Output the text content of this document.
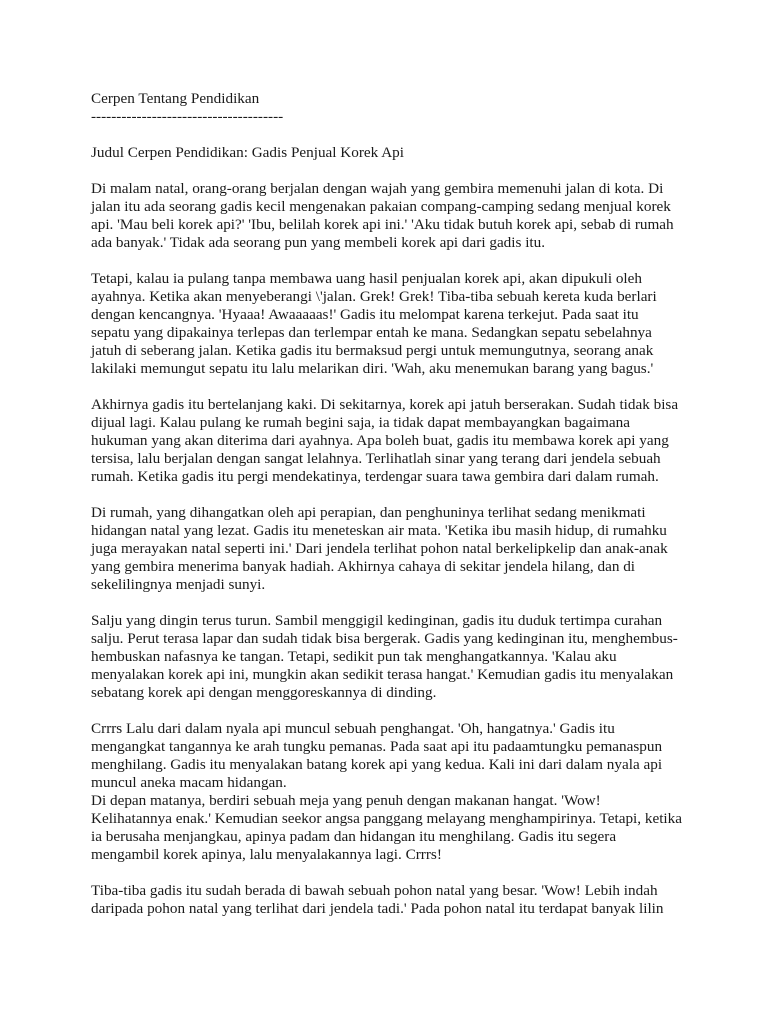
Cerpen Tentang Pendidikan
--------------------------------------
Judul Cerpen Pendidikan: Gadis Penjual Korek Api
Di malam natal, orang-orang berjalan dengan wajah yang gembira memenuhi jalan di kota. Di
jalan itu ada seorang gadis kecil mengenakan pakaian compang-camping sedang menjual korek
api. 'Mau beli korek api?' 'Ibu, belilah korek api ini.' 'Aku tidak butuh korek api, sebab di rumah
ada banyak.' Tidak ada seorang pun yang membeli korek api dari gadis itu.
Tetapi, kalau ia pulang tanpa membawa uang hasil penjualan korek api, akan dipukuli oleh
ayahnya. Ketika akan menyeberangi \'jalan. Grek! Grek! Tiba-tiba sebuah kereta kuda berlari
dengan kencangnya. 'Hyaaa! Awaaaaas!' Gadis itu melompat karena terkejut. Pada saat itu
sepatu yang dipakainya terlepas dan terlempar entah ke mana. Sedangkan sepatu sebelahnya
jatuh di seberang jalan. Ketika gadis itu bermaksud pergi untuk memungutnya, seorang anak
lakilaki memungut sepatu itu lalu melarikan diri. 'Wah, aku menemukan barang yang bagus.'
Akhirnya gadis itu bertelanjang kaki. Di sekitarnya, korek api jatuh berserakan. Sudah tidak bisa
dijual lagi. Kalau pulang ke rumah begini saja, ia tidak dapat membayangkan bagaimana
hukuman yang akan diterima dari ayahnya. Apa boleh buat, gadis itu membawa korek api yang
tersisa, lalu berjalan dengan sangat lelahnya. Terlihatlah sinar yang terang dari jendela sebuah
rumah. Ketika gadis itu pergi mendekatinya, terdengar suara tawa gembira dari dalam rumah.
Di rumah, yang dihangatkan oleh api perapian, dan penghuninya terlihat sedang menikmati
hidangan natal yang lezat. Gadis itu meneteskan air mata. 'Ketika ibu masih hidup, di rumahku
juga merayakan natal seperti ini.' Dari jendela terlihat pohon natal berkelipkelip dan anak-anak
yang gembira menerima banyak hadiah. Akhirnya cahaya di sekitar jendela hilang, dan di
sekelilingnya menjadi sunyi.
Salju yang dingin terus turun. Sambil menggigil kedinginan, gadis itu duduk tertimpa curahan
salju. Perut terasa lapar dan sudah tidak bisa bergerak. Gadis yang kedinginan itu, menghembus-
hembuskan nafasnya ke tangan. Tetapi, sedikit pun tak menghangatkannya. 'Kalau aku
menyalakan korek api ini, mungkin akan sedikit terasa hangat.' Kemudian gadis itu menyalakan
sebatang korek api dengan menggoreskannya di dinding.
Crrrs Lalu dari dalam nyala api muncul sebuah penghangat. 'Oh, hangatnya.' Gadis itu
mengangkat tangannya ke arah tungku pemanas. Pada saat api itu padaamtungku pemanaspun
menghilang. Gadis itu menyalakan batang korek api yang kedua. Kali ini dari dalam nyala api
muncul aneka macam hidangan.
Di depan matanya, berdiri sebuah meja yang penuh dengan makanan hangat. 'Wow!
Kelihatannya enak.' Kemudian seekor angsa panggang melayang menghampirinya. Tetapi, ketika
ia berusaha menjangkau, apinya padam dan hidangan itu menghilang. Gadis itu segera
mengambil korek apinya, lalu menyalakannya lagi. Crrrs!
Tiba-tiba gadis itu sudah berada di bawah sebuah pohon natal yang besar. 'Wow! Lebih indah
daripada pohon natal yang terlihat dari jendela tadi.' Pada pohon natal itu terdapat banyak lilin
